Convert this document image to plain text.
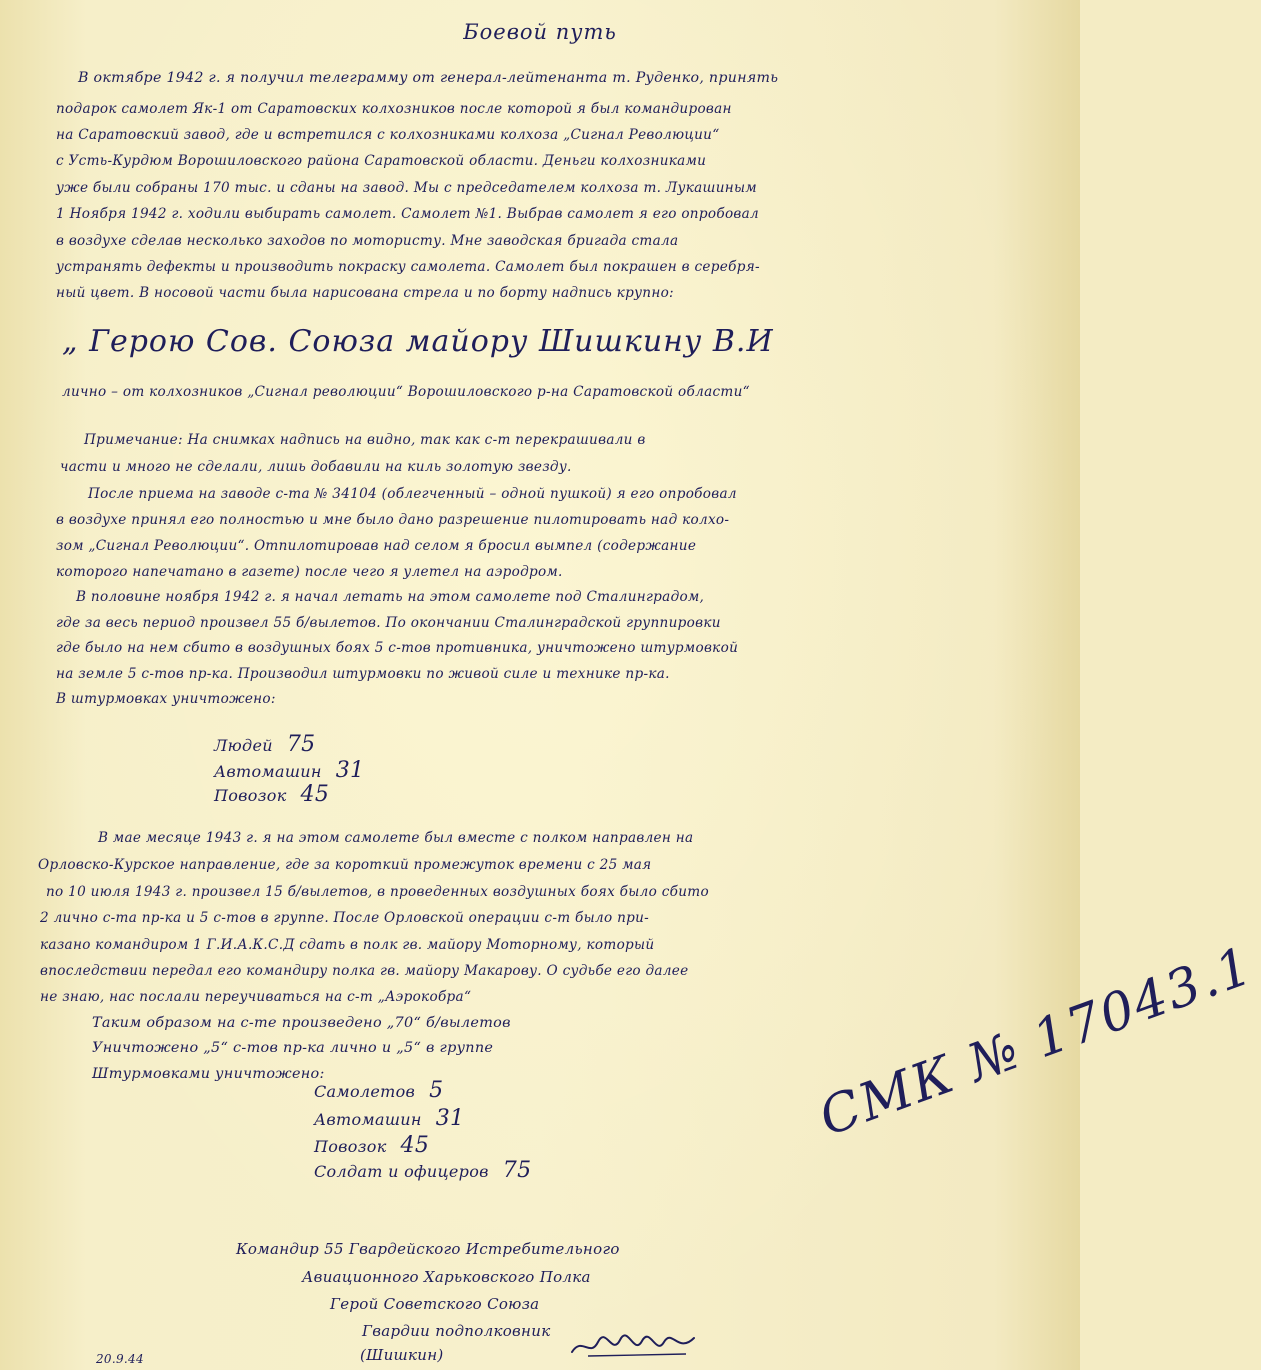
Боевой путь
В октябре 1942 г. я получил телеграмму от генерал-лейтенанта т. Руденко, принять
подарок самолет Як-1 от Саратовских колхозников после которой я был командирован
на Саратовский завод, где и встретился с колхозниками колхоза „Сигнал Революции“
с Усть-Курдюм Ворошиловского района Саратовской области. Деньги колхозниками
уже были собраны 170 тыс. и сданы на завод. Мы с председателем колхоза т. Лукашиным
1 Ноября 1942 г. ходили выбирать самолет. Самолет №1. Выбрав самолет я его опробовал
в воздухе сделав несколько заходов по мотористу. Мне заводская бригада стала
устранять дефекты и производить покраску самолета. Самолет был покрашен в серебря-
ный цвет. В носовой части была нарисована стрела и по борту надпись крупно:
„ Герою Сов. Союза майору Шишкину В.И
лично – от колхозников „Сигнал революции“ Ворошиловского р-на Саратовской области“
Примечание: На снимках надпись на видно, так как с-т перекрашивали в
части и много не сделали, лишь добавили на киль золотую звезду.
После приема на заводе с-та № 34104 (облегченный – одной пушкой) я его опробовал
в воздухе принял его полностью и мне было дано разрешение пилотировать над колхо-
зом „Сигнал Революции“. Отпилотировав над селом я бросил вымпел (содержание
которого напечатано в газете) после чего я улетел на аэродром.
В половине ноября 1942 г. я начал летать на этом самолете под Сталинградом,
где за весь период произвел 55 б/вылетов. По окончании Сталинградской группировки
где было на нем сбито в воздушных боях 5 с-тов противника, уничтожено штурмовкой
на земле 5 с-тов пр-ка. Производил штурмовки по живой силе и технике пр-ка.
В штурмовках уничтожено:
Людей 75
Автомашин 31
Повозок 45
В мае месяце 1943 г. я на этом самолете был вместе с полком направлен на
Орловско-Курское направление, где за короткий промежуток времени с 25 мая
по 10 июля 1943 г. произвел 15 б/вылетов, в проведенных воздушных боях было сбито
2 лично с-та пр-ка и 5 с-тов в группе. После Орловской операции с-т было при-
казано командиром 1 Г.И.А.К.С.Д сдать в полк гв. майору Моторному, который
впоследствии передал его командиру полка гв. майору Макарову. О судьбе его далее
не знаю, нас послали переучиваться на с-т „Аэрокобра“
Таким образом на с-те произведено „70“ б/вылетов
Уничтожено „5“ с-тов пр-ка лично и „5“ в группе
Штурмовками уничтожено:
Самолетов 5
Автомашин 31
Повозок 45
Солдат и офицеров 75
СМК № 17043.1
Командир 55 Гвардейского Истребительного
Авиационного Харьковского Полка
Герой Советского Союза
Гвардии подполковник
(Шишкин)
20.9.44
